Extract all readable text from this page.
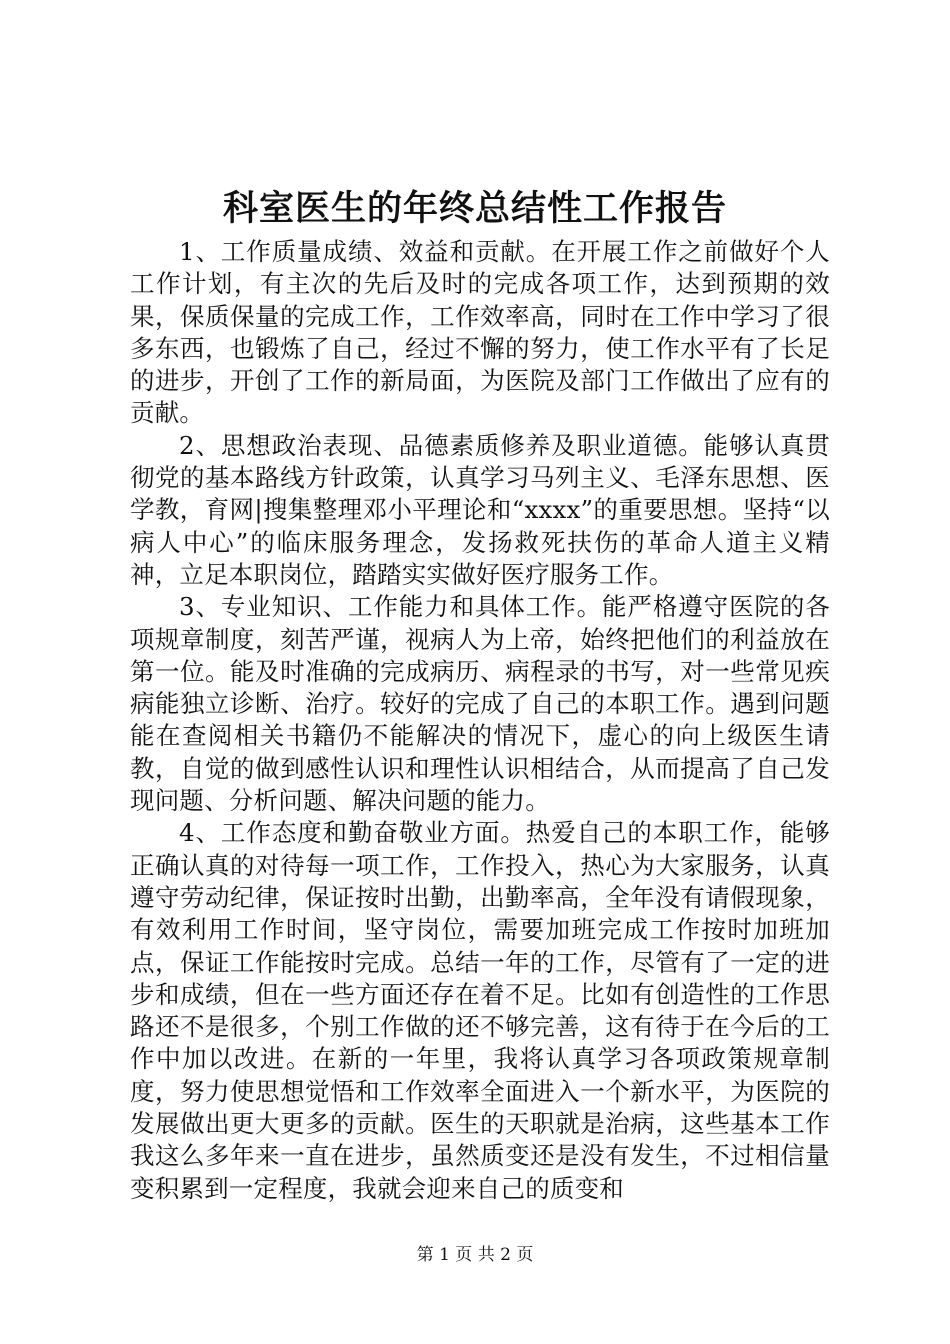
科室医生的年终总结性工作报告

1、工作质量成绩、效益和贡献。在开展工作之前做好个人工作计划，有主次的先后及时的完成各项工作，达到预期的效果，保质保量的完成工作，工作效率高，同时在工作中学习了很多东西，也锻炼了自己，经过不懈的努力，使工作水平有了长足的进步，开创了工作的新局面，为医院及部门工作做出了应有的贡献。

2、思想政治表现、品德素质修养及职业道德。能够认真贯彻党的基本路线方针政策，认真学习马列主义、毛泽东思想、医学教，育网|搜集整理邓小平理论和“xxxx”的重要思想。坚持“以病人中心”的临床服务理念，发扬救死扶伤的革命人道主义精神，立足本职岗位，踏踏实实做好医疗服务工作。

3、专业知识、工作能力和具体工作。能严格遵守医院的各项规章制度，刻苦严谨，视病人为上帝，始终把他们的利益放在第一位。能及时准确的完成病历、病程录的书写，对一些常见疾病能独立诊断、治疗。较好的完成了自己的本职工作。遇到问题能在查阅相关书籍仍不能解决的情况下，虚心的向上级医生请教，自觉的做到感性认识和理性认识相结合，从而提高了自己发现问题、分析问题、解决问题的能力。

4、工作态度和勤奋敬业方面。热爱自己的本职工作，能够正确认真的对待每一项工作，工作投入，热心为大家服务，认真遵守劳动纪律，保证按时出勤，出勤率高，全年没有请假现象，有效利用工作时间，坚守岗位，需要加班完成工作按时加班加点，保证工作能按时完成。总结一年的工作，尽管有了一定的进步和成绩，但在一些方面还存在着不足。比如有创造性的工作思路还不是很多，个别工作做的还不够完善，这有待于在今后的工作中加以改进。在新的一年里，我将认真学习各项政策规章制度，努力使思想觉悟和工作效率全面进入一个新水平，为医院的发展做出更大更多的贡献。医生的天职就是治病，这些基本工作我这么多年来一直在进步，虽然质变还是没有发生，不过相信量变积累到一定程度，我就会迎来自己的质变和

第 1 页 共 2 页
